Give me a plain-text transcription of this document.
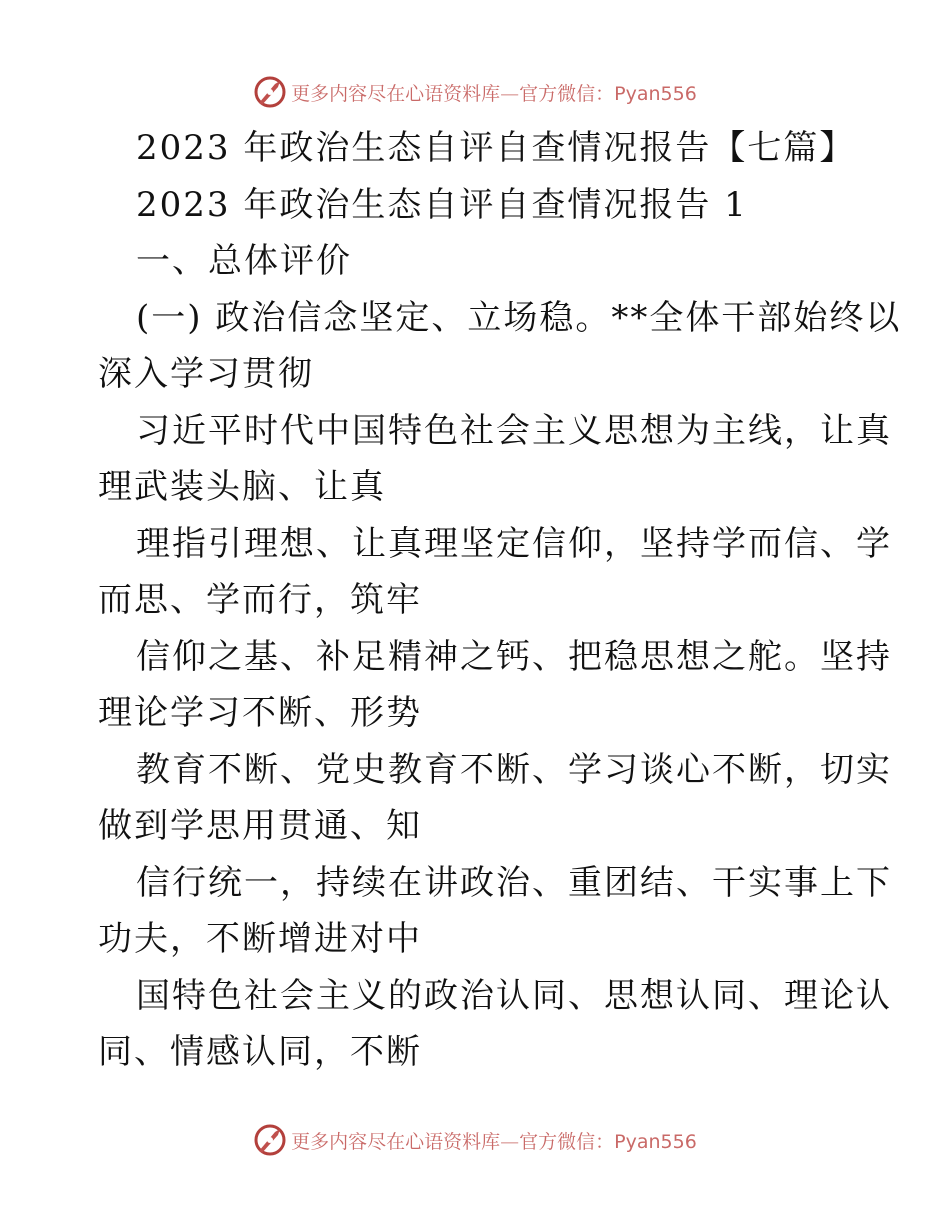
更多内容尽在心语资料库—官方微信：Pyan556
2023 年政治生态自评自查情况报告【七篇】
2023 年政治生态自评自查情况报告 1
一、总体评价
(一) 政治信念坚定、立场稳。**全体干部始终以
深入学习贯彻
习近平时代中国特色社会主义思想为主线，让真
理武装头脑、让真
理指引理想、让真理坚定信仰，坚持学而信、学
而思、学而行，筑牢
信仰之基、补足精神之钙、把稳思想之舵。坚持
理论学习不断、形势
教育不断、党史教育不断、学习谈心不断，切实
做到学思用贯通、知
信行统一，持续在讲政治、重团结、干实事上下
功夫，不断增进对中
国特色社会主义的政治认同、思想认同、理论认
同、情感认同，不断
更多内容尽在心语资料库—官方微信：Pyan556
